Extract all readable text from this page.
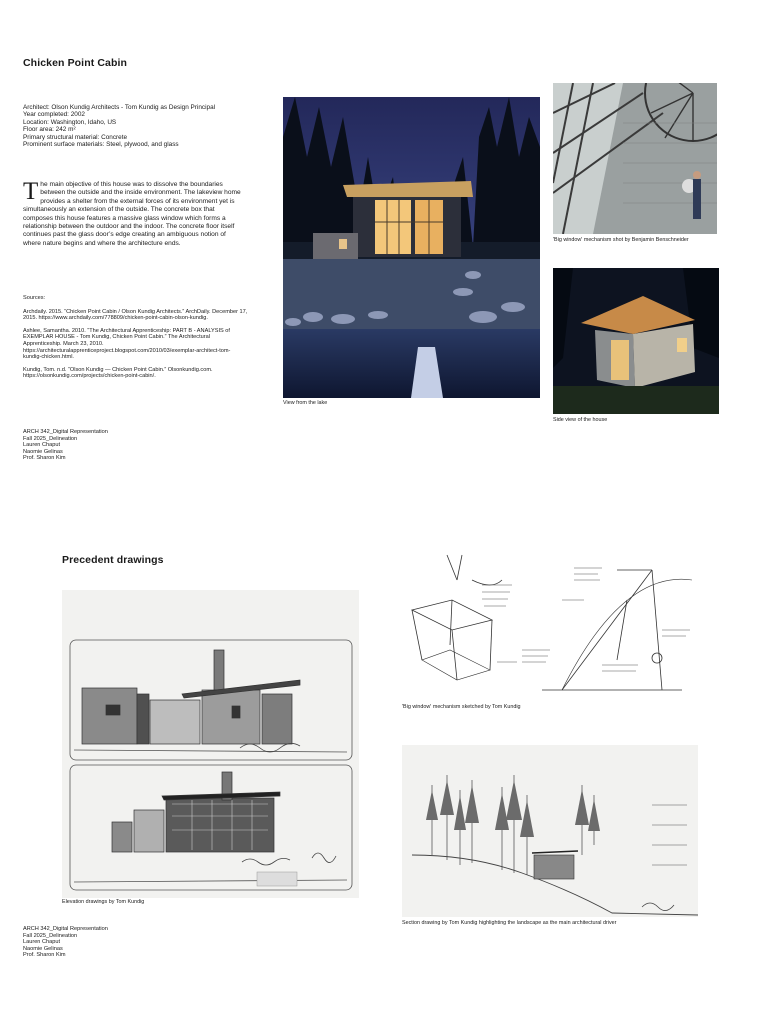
Chicken Point Cabin
Architect: Olson Kundig Architects - Tom Kundig as Design Principal
Year completed: 2002
Location: Washington, Idaho, US
Floor area: 242 m²
Primary structural material: Concrete
Prominent surface materials: Steel, plywood, and glass
The main objective of this house was to dissolve the boundaries between the outside and the inside environment. The lakeview home provides a shelter from the external forces of its environment yet is simultaneously an extension of the outside. The concrete box that composes this house features a massive glass window which forms a relationship between the outdoor and the indoor. The concrete floor itself continues past the glass door’s edge creating an ambiguous notion of where nature begins and where the architecture ends.
Sources:
Archdaily. 2015. “Chicken Point Cabin / Olson Kundig Architects.” ArchDaily. December 17, 2015. https://www.archdaily.com/778809/chicken-point-cabin-olson-kundig.
Ashlee, Samantha. 2010. “The Architectural Apprenticeship: PART B - ANALYSIS of EXEMPLAR HOUSE - Tom Kundig, Chicken Point Cabin.” The Architectural Apprenticeship. March 23, 2010. https://architecturalapprenticeproject.blogspot.com/2010/03/exemplar-architect-tom-kundig-chicken.html.
Kundig, Tom. n.d. “Olson Kundig — Chicken Point Cabin.” Olsonkundig.com. https://olsonkundig.com/projects/chicken-point-cabin/.
ARCH 342_Digital Representation
Fall 2025_Delineation
Lauren Chaput
Naomie Gelinas
Prof. Sharon Kim
View from the lake
'Big window' mechanism shot by Benjamin Benschneider
Side view of the house
Precedent drawings
Elevation drawings by Tom Kundig
'Big window' mechanism sketched by Tom Kundig
Section drawing by Tom Kundig highlighting the landscape as the main architectural driver
ARCH 342_Digital Representation
Fall 2025_Delineation
Lauren Chaput
Naomie Gelinas
Prof. Sharon Kim
